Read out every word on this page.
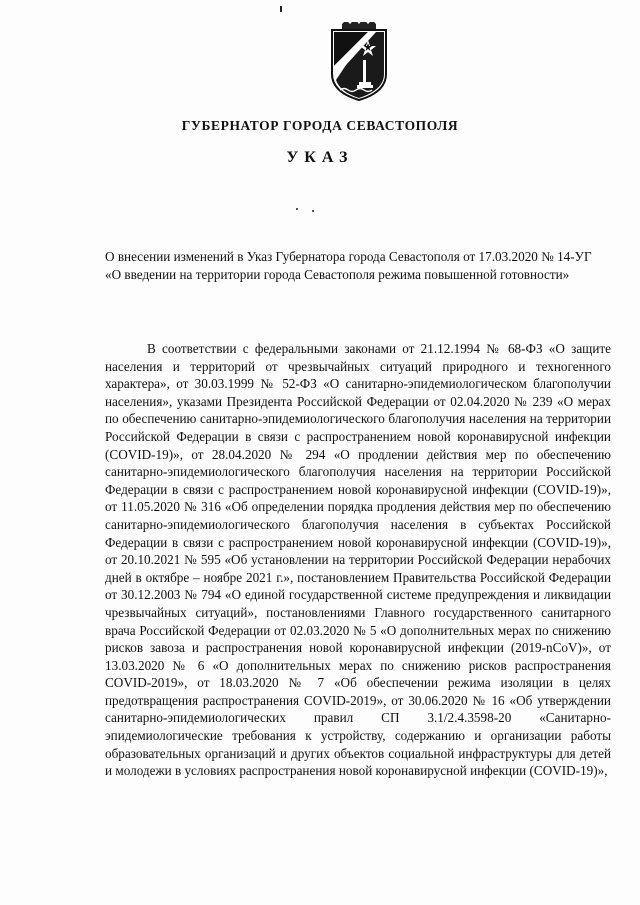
ГУБЕРНАТОР ГОРОДА СЕВАСТОПОЛЯ
УКАЗ
О внесении изменений в Указ Губернатора города Севастополя от 17.03.2020 № 14-УГ «О введении на территории города Севастополя режима повышенной готовности»

В соответствии с федеральными законами от 21.12.1994 № 68-ФЗ «О защите населения и территорий от чрезвычайных ситуаций природного и техногенного характера», от 30.03.1999 № 52-ФЗ «О санитарно-эпидемиологическом благополучии населения», указами Президента Российской Федерации от 02.04.2020 № 239 «О мерах по обеспечению санитарно-эпидемиологического благополучия населения на территории Российской Федерации в связи с распространением новой коронавирусной инфекции (COVID-19)», от 28.04.2020 № 294 «О продлении действия мер по обеспечению санитарно-эпидемиологического благополучия населения на территории Российской Федерации в связи с распространением новой коронавирусной инфекции (COVID-19)», от 11.05.2020 № 316 «Об определении порядка продления действия мер по обеспечению санитарно-эпидемиологического благополучия населения в субъектах Российской Федерации в связи с распространением новой коронавирусной инфекции (COVID-19)», от 20.10.2021 № 595 «Об установлении на территории Российской Федерации нерабочих дней в октябре – ноябре 2021 г.», постановлением Правительства Российской Федерации от 30.12.2003 № 794 «О единой государственной системе предупреждения и ликвидации чрезвычайных ситуаций», постановлениями Главного государственного санитарного врача Российской Федерации от 02.03.2020 № 5 «О дополнительных мерах по снижению рисков завоза и распространения новой коронавирусной инфекции (2019-nCoV)», от 13.03.2020 № 6 «О дополнительных мерах по снижению рисков распространения COVID-2019», от 18.03.2020 № 7 «Об обеспечении режима изоляции в целях предотвращения распространения COVID-2019», от 30.06.2020 № 16 «Об утверждении санитарно-эпидемиологических правил СП 3.1/2.4.3598-20 «Санитарно-эпидемиологические требования к устройству, содержанию и организации работы образовательных организаций и других объектов социальной инфраструктуры для детей и молодежи в условиях распространения новой коронавирусной инфекции (COVID-19)»,
